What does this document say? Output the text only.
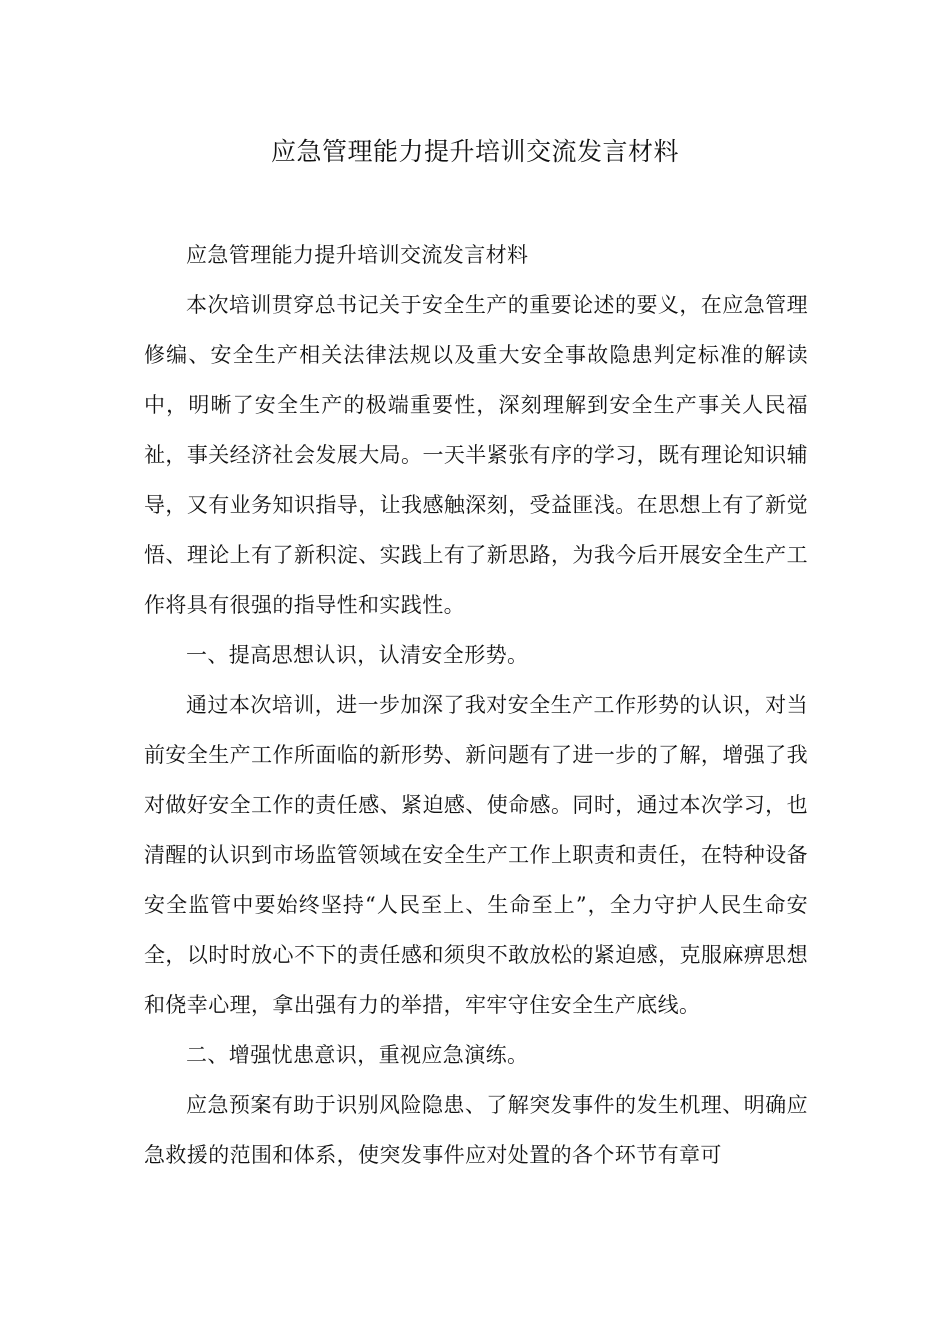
应急管理能力提升培训交流发言材料

应急管理能力提升培训交流发言材料

本次培训贯穿总书记关于安全生产的重要论述的要义，在应急管理修编、安全生产相关法律法规以及重大安全事故隐患判定标准的解读中，明晰了安全生产的极端重要性，深刻理解到安全生产事关人民福祉，事关经济社会发展大局。一天半紧张有序的学习，既有理论知识辅导，又有业务知识指导，让我感触深刻，受益匪浅。在思想上有了新觉悟、理论上有了新积淀、实践上有了新思路，为我今后开展安全生产工作将具有很强的指导性和实践性。

一、提高思想认识，认清安全形势。

通过本次培训，进一步加深了我对安全生产工作形势的认识，对当前安全生产工作所面临的新形势、新问题有了进一步的了解，增强了我对做好安全工作的责任感、紧迫感、使命感。同时，通过本次学习，也清醒的认识到市场监管领域在安全生产工作上职责和责任，在特种设备安全监管中要始终坚持“人民至上、生命至上”，全力守护人民生命安全，以时时放心不下的责任感和须臾不敢放松的紧迫感，克服麻痹思想和侥幸心理，拿出强有力的举措，牢牢守住安全生产底线。

二、增强忧患意识，重视应急演练。

应急预案有助于识别风险隐患、了解突发事件的发生机理、明确应急救援的范围和体系，使突发事件应对处置的各个环节有章可
